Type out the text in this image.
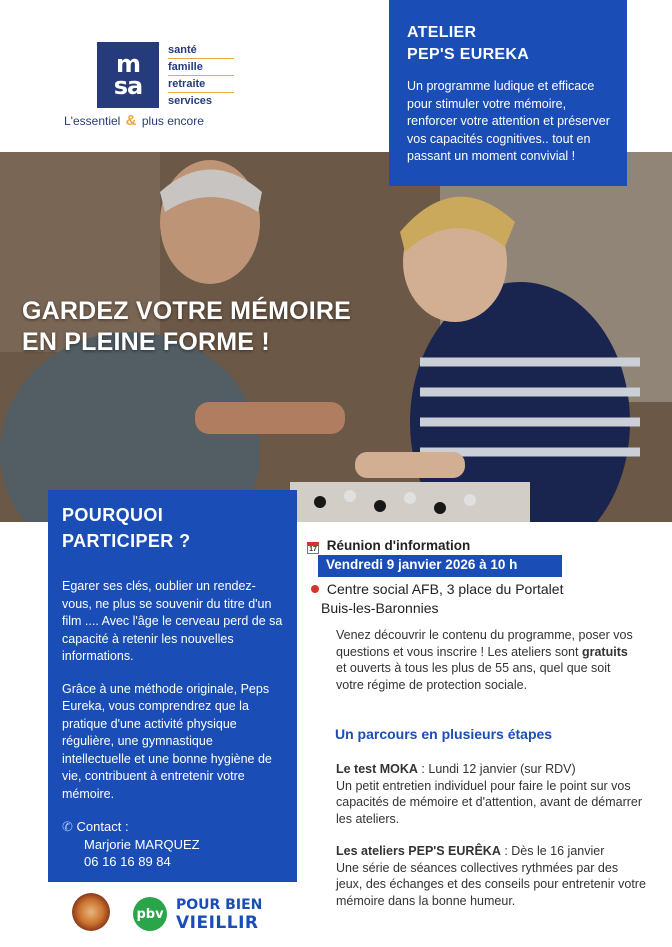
m
sa
santé
famille
retraite
services
L'essentiel & plus encore
ATELIER
PEP'S EUREKA
Un programme ludique et efficace pour stimuler votre mémoire, renforcer votre attention et préserver vos capacités cognitives.. tout en passant un moment convivial !
GARDEZ VOTRE MÉMOIRE
EN PLEINE FORME !
POURQUOI
PARTICIPER ?

Egarer ses clés, oublier un rendez-vous, ne plus se souvenir du titre d'un film .... Avec l'âge le cerveau perd de sa capacité à retenir les nouvelles informations.

Grâce à une méthode originale, Peps Eureka, vous comprendrez que la pratique d'une activité physique régulière, une gymnastique intellectuelle et une bonne hygiène de vie, contribuent à entretenir votre mémoire.

✆ Contact :
Marjorie MARQUEZ
06 16 16 89 84
17 Réunion d'information
Vendredi 9 janvier 2026 à 10 h
Centre social AFB, 3 place du Portalet
Buis-les-Baronnies
Venez découvrir le contenu du programme, poser vos questions et vous inscrire ! Les ateliers sont gratuits et ouverts à tous les plus de 55 ans, quel que soit votre régime de protection sociale.
Un parcours en plusieurs étapes
Le test MOKA : Lundi 12 janvier (sur RDV)
Un petit entretien individuel pour faire le point sur vos capacités de mémoire et d'attention, avant de démarrer les ateliers.
Les ateliers PEP'S EURÊKA : Dès le 16 janvier
Une série de séances collectives rythmées par des jeux, des échanges et des conseils pour entretenir votre mémoire dans la bonne humeur.
pbv
POUR BIEN
VIEILLIR
